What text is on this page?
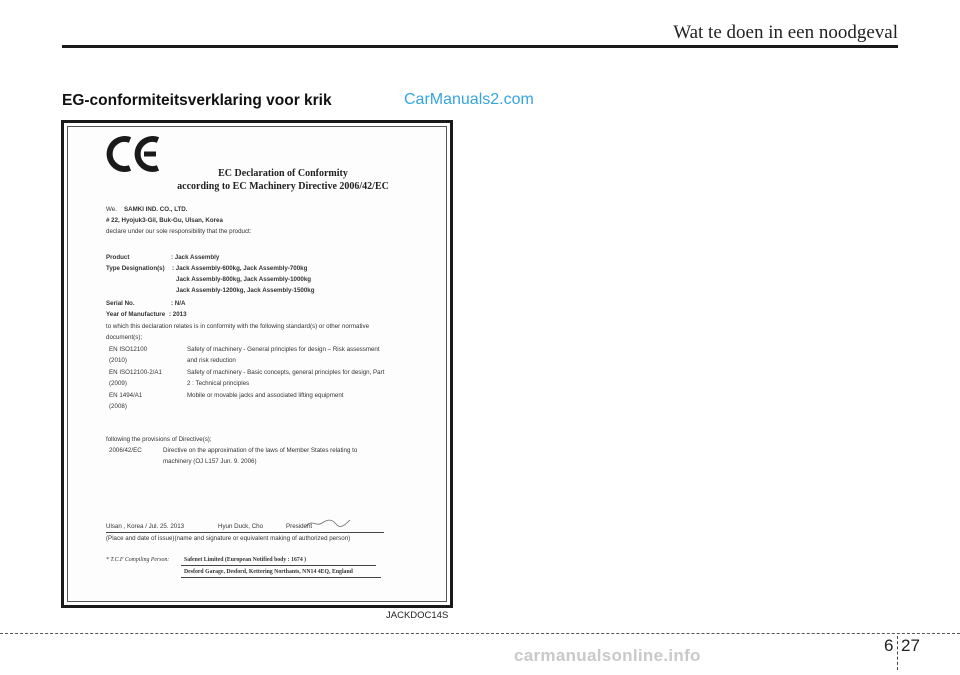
Wat te doen in een noodgeval
EG-conformiteitsverklaring voor krik	CarManuals2.com
EC Declaration of Conformity
according to EC Machinery Directive 2006/42/EC
We. SAMKI IND. CO., LTD.
# 22, Hyojuk3-Gil, Buk-Gu, Ulsan, Korea
declare under our sole responsibility that the product:
Product	: Jack Assembly
Type Designation(s) : Jack Assembly-600kg, Jack Assembly-700kg
Jack Assembly-800kg, Jack Assembly-1000kg
Jack Assembly-1200kg, Jack Assembly-1500kg
Serial No.	: N/A
Year of Manufacture : 2013
to which this declaration relates is in conformity with the following standard(s) or other normative
document(s);
EN ISO12100	Safety of machinery - General principles for design – Risk assessment
(2010)	and risk reduction
EN ISO12100-2/A1	Safety of machinery - Basic concepts, general principles for design, Part
(2009)	2 : Technical principles
EN 1494/A1	Mobile or movable jacks and associated lifting equipment
(2008)
following the provisions of Directive(s);
2006/42/EC	Directive on the approximation of the laws of Member States relating to
machinery (OJ L157 Jun. 9. 2006)
Ulsan , Korea / Jul. 25. 2013	Hyun Duck, Cho	President
(Place and date of issue)(name and signature or equivalent making of authorized person)
* T.C.F Compiling Person:	Safenet Limited (European Notified body : 1674 )
Desford Garage, Desford, Kettering Northants, NN14 4EQ, England
JACKDOC14S
6 27
carmanualsonline.info
